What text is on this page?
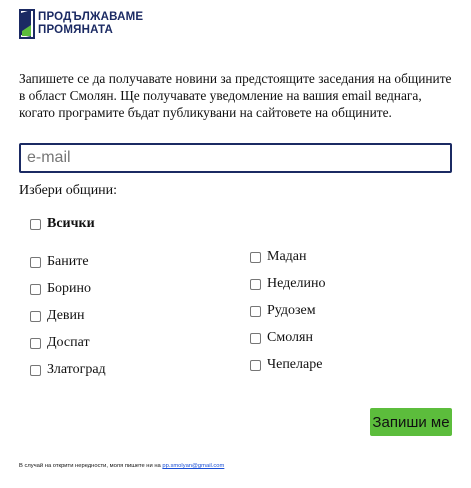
ПРОДЪЛЖАВАМЕ
ПРОМЯНАТА

Запишете се да получавате новини за предстоящите заседания на общините в област Смолян. Ще получавате уведомление на вашия email веднага, когато програмите бъдат публикувани на сайтовете на общините.

e-mail
Избери общини:
Всички
Баните
Борино
Девин
Доспат
Златоград
Мадан
Неделино
Рудозем
Смолян
Чепеларе
Запиши ме
В случай на открити нередности, моля пишете ни на pp.smolyan@gmail.com
